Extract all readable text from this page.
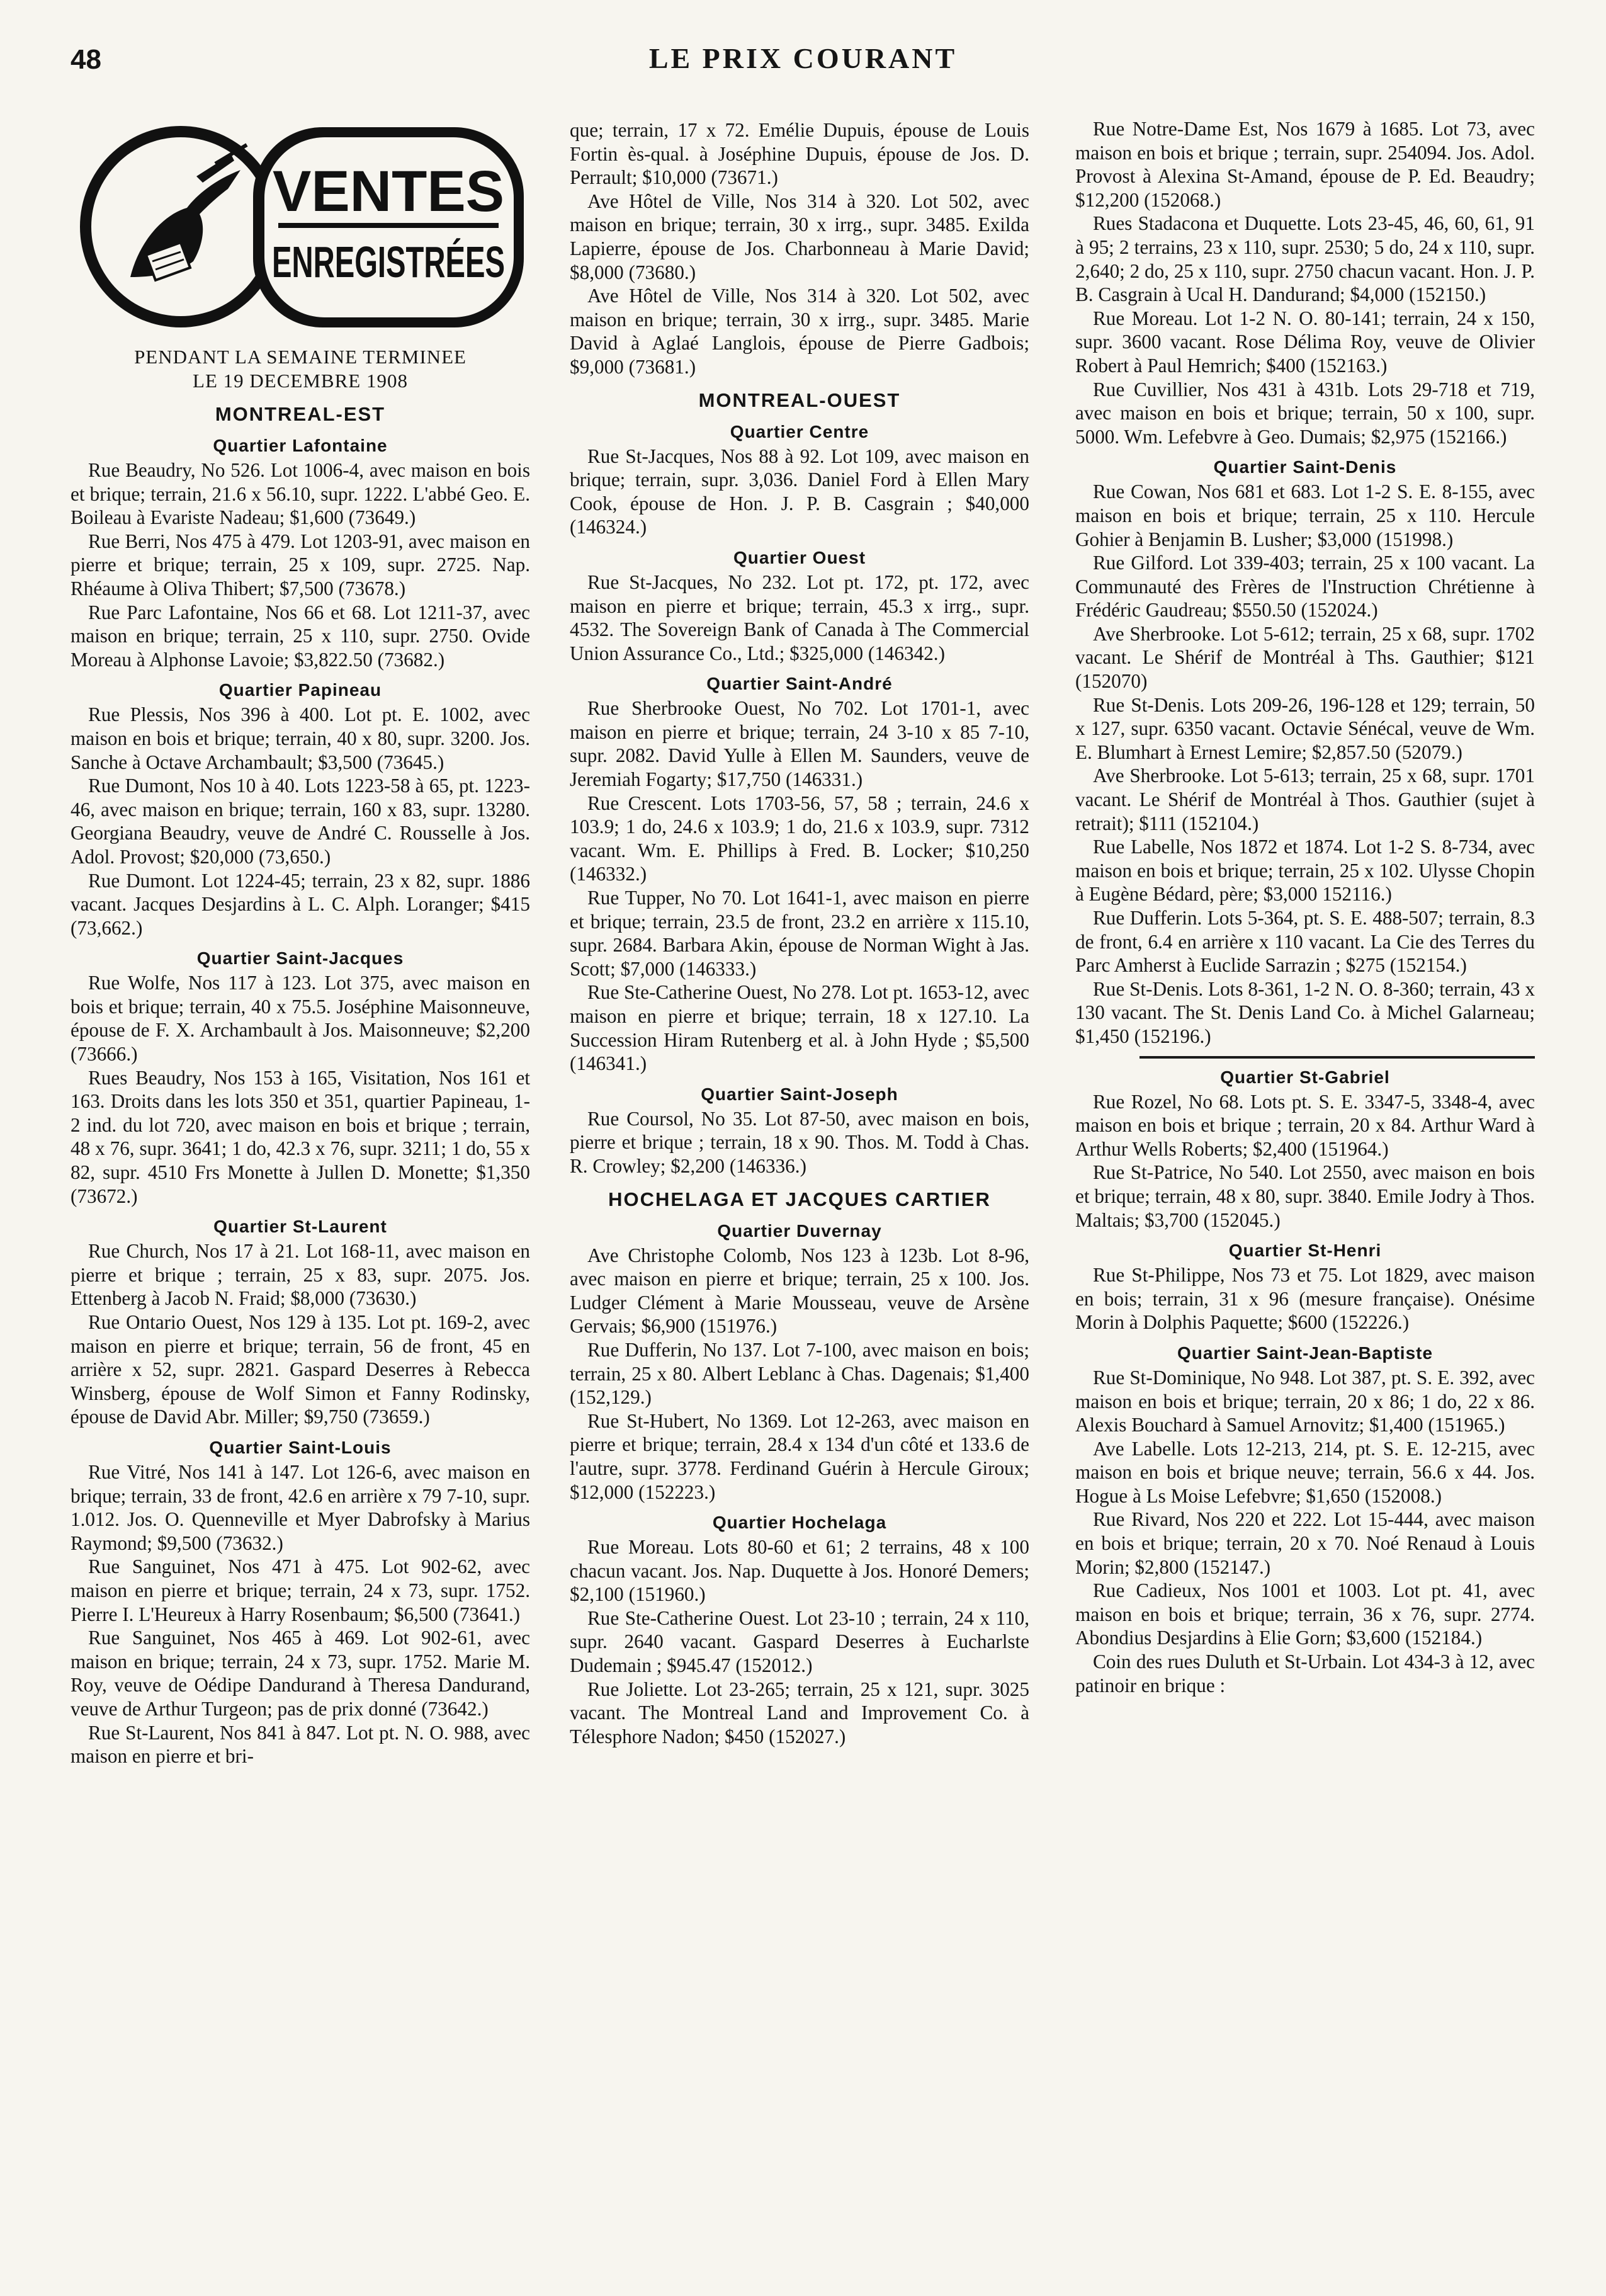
48	LE PRIX COURANT
VENTES
ENREGISTRÉES
PENDANT LA SEMAINE TERMINEE
LE 19 DECEMBRE 1908
MONTREAL-EST
Quartier Lafontaine

Rue Beaudry, No 526. Lot 1006-4, avec maison en bois et brique; terrain, 21.6 x 56.10, supr. 1222. L'abbé Geo. E. Boileau à Evariste Nadeau; $1,600 (73649.)

Rue Berri, Nos 475 à 479. Lot 1203-91, avec maison en pierre et brique; terrain, 25 x 109, supr. 2725. Nap. Rhéaume à Oliva Thibert; $7,500 (73678.)

Rue Parc Lafontaine, Nos 66 et 68. Lot 1211-37, avec maison en brique; terrain, 25 x 110, supr. 2750. Ovide Moreau à Alphonse Lavoie; $3,822.50 (73682.)

Quartier Papineau

Rue Plessis, Nos 396 à 400. Lot pt. E. 1002, avec maison en bois et brique; terrain, 40 x 80, supr. 3200. Jos. Sanche à Octave Archambault; $3,500 (73645.)

Rue Dumont, Nos 10 à 40. Lots 1223-58 à 65, pt. 1223-46, avec maison en brique; terrain, 160 x 83, supr. 13280. Georgiana Beaudry, veuve de André C. Rousselle à Jos. Adol. Provost; $20,000 (73,650.)

Rue Dumont. Lot 1224-45; terrain, 23 x 82, supr. 1886 vacant. Jacques Desjardins à L. C. Alph. Loranger; $415 (73,662.)

Quartier Saint-Jacques

Rue Wolfe, Nos 117 à 123. Lot 375, avec maison en bois et brique; terrain, 40 x 75.5. Joséphine Maisonneuve, épouse de F. X. Archambault à Jos. Maisonneuve; $2,200 (73666.)

Rues Beaudry, Nos 153 à 165, Visitation, Nos 161 et 163. Droits dans les lots 350 et 351, quartier Papineau, 1-2 ind. du lot 720, avec maison en bois et brique ; terrain, 48 x 76, supr. 3641; 1 do, 42.3 x 76, supr. 3211; 1 do, 55 x 82, supr. 4510 Frs Monette à Jullen D. Monette; $1,350 (73672.)

Quartier St-Laurent

Rue Church, Nos 17 à 21. Lot 168-11, avec maison en pierre et brique ; terrain, 25 x 83, supr. 2075. Jos. Ettenberg à Jacob N. Fraid; $8,000 (73630.)

Rue Ontario Ouest, Nos 129 à 135. Lot pt. 169-2, avec maison en pierre et brique; terrain, 56 de front, 45 en arrière x 52, supr. 2821. Gaspard Deserres à Rebecca Winsberg, épouse de Wolf Simon et Fanny Rodinsky, épouse de David Abr. Miller; $9,750 (73659.)

Quartier Saint-Louis

Rue Vitré, Nos 141 à 147. Lot 126-6, avec maison en brique; terrain, 33 de front, 42.6 en arrière x 79 7-10, supr. 1.012. Jos. O. Quenneville et Myer Dabrofsky à Marius Raymond; $9,500 (73632.)

Rue Sanguinet, Nos 471 à 475. Lot 902-62, avec maison en pierre et brique; terrain, 24 x 73, supr. 1752. Pierre I. L'Heureux à Harry Rosenbaum; $6,500 (73641.)

Rue Sanguinet, Nos 465 à 469. Lot 902-61, avec maison en brique; terrain, 24 x 73, supr. 1752. Marie M. Roy, veuve de Oédipe Dandurand à Theresa Dandurand, veuve de Arthur Turgeon; pas de prix donné (73642.)

Rue St-Laurent, Nos 841 à 847. Lot pt. N. O. 988, avec maison en pierre et bri-

que; terrain, 17 x 72. Emélie Dupuis, épouse de Louis Fortin ès-qual. à Joséphine Dupuis, épouse de Jos. D. Perrault; $10,000 (73671.)

Ave Hôtel de Ville, Nos 314 à 320. Lot 502, avec maison en brique; terrain, 30 x irrg., supr. 3485. Exilda Lapierre, épouse de Jos. Charbonneau à Marie David; $8,000 (73680.)

Ave Hôtel de Ville, Nos 314 à 320. Lot 502, avec maison en brique; terrain, 30 x irrg., supr. 3485. Marie David à Aglaé Langlois, épouse de Pierre Gadbois; $9,000 (73681.)

MONTREAL-OUEST
Quartier Centre

Rue St-Jacques, Nos 88 à 92. Lot 109, avec maison en brique; terrain, supr. 3,036. Daniel Ford à Ellen Mary Cook, épouse de Hon. J. P. B. Casgrain ; $40,000 (146324.)

Quartier Ouest

Rue St-Jacques, No 232. Lot pt. 172, pt. 172, avec maison en pierre et brique; terrain, 45.3 x irrg., supr. 4532. The Sovereign Bank of Canada à The Commercial Union Assurance Co., Ltd.; $325,000 (146342.)

Quartier Saint-André

Rue Sherbrooke Ouest, No 702. Lot 1701-1, avec maison en pierre et brique; terrain, 24 3-10 x 85 7-10, supr. 2082. David Yulle à Ellen M. Saunders, veuve de Jeremiah Fogarty; $17,750 (146331.)

Rue Crescent. Lots 1703-56, 57, 58 ; terrain, 24.6 x 103.9; 1 do, 24.6 x 103.9; 1 do, 21.6 x 103.9, supr. 7312 vacant. Wm. E. Phillips à Fred. B. Locker; $10,250 (146332.)

Rue Tupper, No 70. Lot 1641-1, avec maison en pierre et brique; terrain, 23.5 de front, 23.2 en arrière x 115.10, supr. 2684. Barbara Akin, épouse de Norman Wight à Jas. Scott; $7,000 (146333.)

Rue Ste-Catherine Ouest, No 278. Lot pt. 1653-12, avec maison en pierre et brique; terrain, 18 x 127.10. La Succession Hiram Rutenberg et al. à John Hyde ; $5,500 (146341.)

Quartier Saint-Joseph

Rue Coursol, No 35. Lot 87-50, avec maison en bois, pierre et brique ; terrain, 18 x 90. Thos. M. Todd à Chas. R. Crowley; $2,200 (146336.)

HOCHELAGA ET JACQUES CARTIER
Quartier Duvernay

Ave Christophe Colomb, Nos 123 à 123b. Lot 8-96, avec maison en pierre et brique; terrain, 25 x 100. Jos. Ludger Clément à Marie Mousseau, veuve de Arsène Gervais; $6,900 (151976.)

Rue Dufferin, No 137. Lot 7-100, avec maison en bois; terrain, 25 x 80. Albert Leblanc à Chas. Dagenais; $1,400 (152,129.)

Rue St-Hubert, No 1369. Lot 12-263, avec maison en pierre et brique; terrain, 28.4 x 134 d'un côté et 133.6 de l'autre, supr. 3778. Ferdinand Guérin à Hercule Giroux; $12,000 (152223.)

Quartier Hochelaga

Rue Moreau. Lots 80-60 et 61; 2 terrains, 48 x 100 chacun vacant. Jos. Nap. Duquette à Jos. Honoré Demers; $2,100 (151960.)

Rue Ste-Catherine Ouest. Lot 23-10 ; terrain, 24 x 110, supr. 2640 vacant. Gaspard Deserres à Eucharlste Dudemain ; $945.47 (152012.)

Rue Joliette. Lot 23-265; terrain, 25 x 121, supr. 3025 vacant. The Montreal Land and Improvement Co. à Télesphore Nadon; $450 (152027.)

Rue Notre-Dame Est, Nos 1679 à 1685. Lot 73, avec maison en bois et brique ; terrain, supr. 254094. Jos. Adol. Provost à Alexina St-Amand, épouse de P. Ed. Beaudry; $12,200 (152068.)

Rues Stadacona et Duquette. Lots 23-45, 46, 60, 61, 91 à 95; 2 terrains, 23 x 110, supr. 2530; 5 do, 24 x 110, supr. 2,640; 2 do, 25 x 110, supr. 2750 chacun vacant. Hon. J. P. B. Casgrain à Ucal H. Dandurand; $4,000 (152150.)

Rue Moreau. Lot 1-2 N. O. 80-141; terrain, 24 x 150, supr. 3600 vacant. Rose Délima Roy, veuve de Olivier Robert à Paul Hemrich; $400 (152163.)

Rue Cuvillier, Nos 431 à 431b. Lots 29-718 et 719, avec maison en bois et brique; terrain, 50 x 100, supr. 5000. Wm. Lefebvre à Geo. Dumais; $2,975 (152166.)

Quartier Saint-Denis

Rue Cowan, Nos 681 et 683. Lot 1-2 S. E. 8-155, avec maison en bois et brique; terrain, 25 x 110. Hercule Gohier à Benjamin B. Lusher; $3,000 (151998.)

Rue Gilford. Lot 339-403; terrain, 25 x 100 vacant. La Communauté des Frères de l'Instruction Chrétienne à Frédéric Gaudreau; $550.50 (152024.)

Ave Sherbrooke. Lot 5-612; terrain, 25 x 68, supr. 1702 vacant. Le Shérif de Montréal à Ths. Gauthier; $121 (152070)

Rue St-Denis. Lots 209-26, 196-128 et 129; terrain, 50 x 127, supr. 6350 vacant. Octavie Sénécal, veuve de Wm. E. Blumhart à Ernest Lemire; $2,857.50 (52079.)

Ave Sherbrooke. Lot 5-613; terrain, 25 x 68, supr. 1701 vacant. Le Shérif de Montréal à Thos. Gauthier (sujet à retrait); $111 (152104.)

Rue Labelle, Nos 1872 et 1874. Lot 1-2 S. 8-734, avec maison en bois et brique; terrain, 25 x 102. Ulysse Chopin à Eugène Bédard, père; $3,000 152116.)

Rue Dufferin. Lots 5-364, pt. S. E. 488-507; terrain, 8.3 de front, 6.4 en arrière x 110 vacant. La Cie des Terres du Parc Amherst à Euclide Sarrazin ; $275 (152154.)

Rue St-Denis. Lots 8-361, 1-2 N. O. 8-360; terrain, 43 x 130 vacant. The St. Denis Land Co. à Michel Galarneau; $1,450 (152196.)

Quartier St-Gabriel

Rue Rozel, No 68. Lots pt. S. E. 3347-5, 3348-4, avec maison en bois et brique ; terrain, 20 x 84. Arthur Ward à Arthur Wells Roberts; $2,400 (151964.)

Rue St-Patrice, No 540. Lot 2550, avec maison en bois et brique; terrain, 48 x 80, supr. 3840. Emile Jodry à Thos. Maltais; $3,700 (152045.)

Quartier St-Henri

Rue St-Philippe, Nos 73 et 75. Lot 1829, avec maison en bois; terrain, 31 x 96 (mesure française). Onésime Morin à Dolphis Paquette; $600 (152226.)

Quartier Saint-Jean-Baptiste

Rue St-Dominique, No 948. Lot 387, pt. S. E. 392, avec maison en bois et brique; terrain, 20 x 86; 1 do, 22 x 86. Alexis Bouchard à Samuel Arnovitz; $1,400 (151965.)

Ave Labelle. Lots 12-213, 214, pt. S. E. 12-215, avec maison en bois et brique neuve; terrain, 56.6 x 44. Jos. Hogue à Ls Moise Lefebvre; $1,650 (152008.)

Rue Rivard, Nos 220 et 222. Lot 15-444, avec maison en bois et brique; terrain, 20 x 70. Noé Renaud à Louis Morin; $2,800 (152147.)

Rue Cadieux, Nos 1001 et 1003. Lot pt. 41, avec maison en bois et brique; terrain, 36 x 76, supr. 2774. Abondius Desjardins à Elie Gorn; $3,600 (152184.)

Coin des rues Duluth et St-Urbain. Lot 434-3 à 12, avec patinoir en brique :
